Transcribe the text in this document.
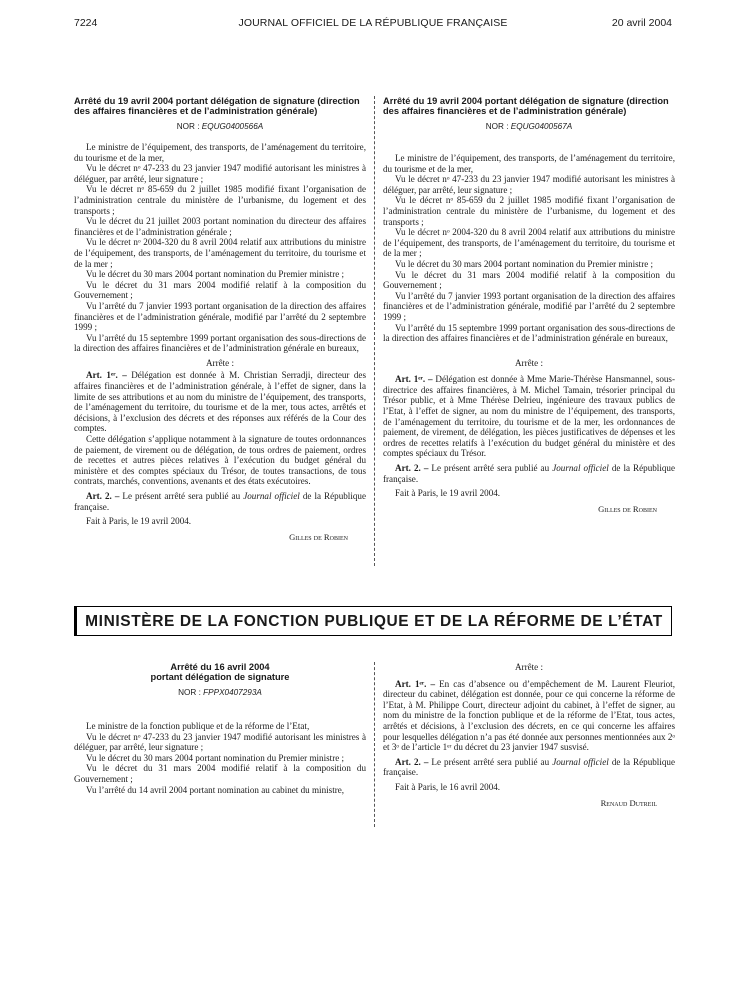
7224	JOURNAL OFFICIEL DE LA RÉPUBLIQUE FRANÇAISE	20 avril 2004
Arrêté du 19 avril 2004 portant délégation de signature (direction des affaires financières et de l’administration générale)
NOR : EQUG0400566A

Le ministre de l’équipement, des transports, de l’aménagement du territoire, du tourisme et de la mer,

Vu le décret nᵒ 47-233 du 23 janvier 1947 modifié autorisant les ministres à déléguer, par arrêté, leur signature ;

Vu le décret nᵒ 85-659 du 2 juillet 1985 modifié fixant l’organisation de l’administration centrale du ministère de l’urbanisme, du logement et des transports ;

Vu le décret du 21 juillet 2003 portant nomination du directeur des affaires financières et de l’administration générale ;

Vu le décret nᵒ 2004-320 du 8 avril 2004 relatif aux attributions du ministre de l’équipement, des transports, de l’aménagement du territoire, du tourisme et de la mer ;

Vu le décret du 30 mars 2004 portant nomination du Premier ministre ;

Vu le décret du 31 mars 2004 modifié relatif à la composition du Gouvernement ;

Vu l’arrêté du 7 janvier 1993 portant organisation de la direction des affaires financières et de l’administration générale, modifié par l’arrêté du 2 septembre 1999 ;

Vu l’arrêté du 15 septembre 1999 portant organisation des sous-directions de la direction des affaires financières et de l’administration générale en bureaux,

Arrête :

Art. 1ᵉʳ. – Délégation est donnée à M. Christian Serradji, directeur des affaires financières et de l’administration générale, à l’effet de signer, dans la limite de ses attributions et au nom du ministre de l’équipement, des transports, de l’aménagement du territoire, du tourisme et de la mer, tous actes, arrêtés et décisions, à l’exclusion des décrets et des réponses aux référés de la Cour des comptes.

Cette délégation s’applique notamment à la signature de toutes ordonnances de paiement, de virement ou de délégation, de tous ordres de paiement, ordres de recettes et autres pièces relatives à l’exécution du budget général du ministère et des comptes spéciaux du Trésor, de toutes transactions, de tous contrats, marchés, conventions, avenants et des états exécutoires.

Art. 2. – Le présent arrêté sera publié au Journal officiel de la République française.

Fait à Paris, le 19 avril 2004.

Gilles de Robien

Arrêté du 19 avril 2004 portant délégation de signature (direction des affaires financières et de l’administration générale)
NOR : EQUG0400567A

Le ministre de l’équipement, des transports, de l’aménagement du territoire, du tourisme et de la mer,

Vu le décret nᵒ 47-233 du 23 janvier 1947 modifié autorisant les ministres à déléguer, par arrêté, leur signature ;

Vu le décret nᵒ 85-659 du 2 juillet 1985 modifié fixant l’organisation de l’administration centrale du ministère de l’urbanisme, du logement et des transports ;

Vu le décret nᵒ 2004-320 du 8 avril 2004 relatif aux attributions du ministre de l’équipement, des transports, de l’aménagement du territoire, du tourisme et de la mer ;

Vu le décret du 30 mars 2004 portant nomination du Premier ministre ;

Vu le décret du 31 mars 2004 modifié relatif à la composition du Gouvernement ;

Vu l’arrêté du 7 janvier 1993 portant organisation de la direction des affaires financières et de l’administration générale, modifié par l’arrêté du 2 septembre 1999 ;

Vu l’arrêté du 15 septembre 1999 portant organisation des sous-directions de la direction des affaires financières et de l’administration générale en bureaux,

Arrête :

Art. 1ᵉʳ. – Délégation est donnée à Mme Marie-Thérèse Hansmannel, sous-directrice des affaires financières, à M. Michel Tamain, trésorier principal du Trésor public, et à Mme Thérèse Delrieu, ingénieure des travaux publics de l’Etat, à l’effet de signer, au nom du ministre de l’équipement, des transports, de l’aménagement du territoire, du tourisme et de la mer, les ordonnances de paiement, de virement, de délégation, les pièces justificatives de dépenses et les ordres de recettes relatifs à l’exécution du budget général du ministère et des comptes spéciaux du Trésor.

Art. 2. – Le présent arrêté sera publié au Journal officiel de la République française.

Fait à Paris, le 19 avril 2004.

Gilles de Robien

MINISTÈRE DE LA FONCTION PUBLIQUE ET DE LA RÉFORME DE L’ÉTAT
Arrêté du 16 avril 2004
portant délégation de signature
NOR : FPPX0407293A

Le ministre de la fonction publique et de la réforme de l’Etat,

Vu le décret nᵒ 47-233 du 23 janvier 1947 modifié autorisant les ministres à déléguer, par arrêté, leur signature ;

Vu le décret du 30 mars 2004 portant nomination du Premier ministre ;

Vu le décret du 31 mars 2004 modifié relatif à la composition du Gouvernement ;

Vu l’arrêté du 14 avril 2004 portant nomination au cabinet du ministre,

Arrête :

Art. 1ᵉʳ. – En cas d’absence ou d’empêchement de M. Laurent Fleuriot, directeur du cabinet, délégation est donnée, pour ce qui concerne la réforme de l’Etat, à M. Philippe Court, directeur adjoint du cabinet, à l’effet de signer, au nom du ministre de la fonction publique et de la réforme de l’Etat, tous actes, arrêtés et décisions, à l’exclusion des décrets, en ce qui concerne les affaires pour lesquelles délégation n’a pas été donnée aux personnes mentionnées aux 2ᵒ et 3ᵒ de l’article 1ᵉʳ du décret du 23 janvier 1947 susvisé.

Art. 2. – Le présent arrêté sera publié au Journal officiel de la République française.

Fait à Paris, le 16 avril 2004.

Renaud Dutreil
